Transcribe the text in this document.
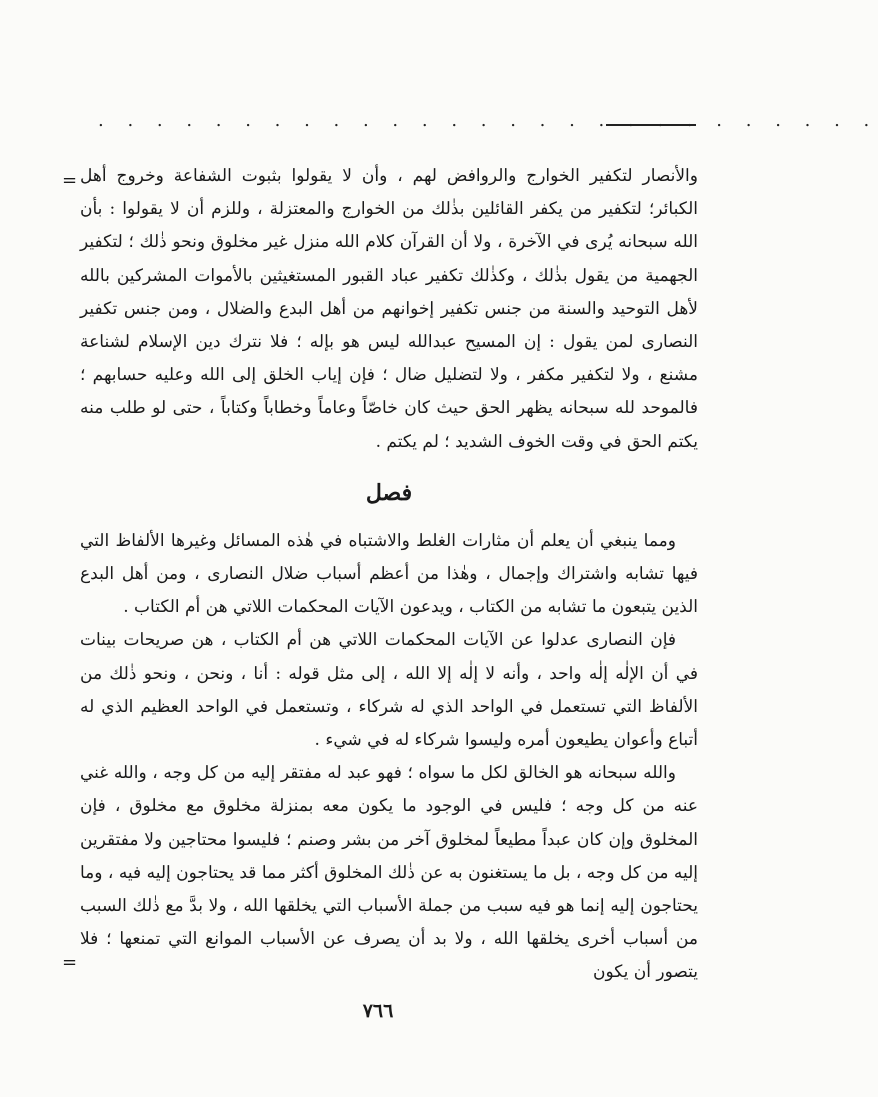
. . . . . . . . . . . . . . . . . . . . . . . . . . .
= والأنصار لتكفير الخوارج والروافض لهم ، وأن لا يقولوا بثبوت الشفاعة وخروج أهل الكبائر؛ لتكفير من يكفر القائلين بذٰلك من الخوارج والمعتزلة ، وللزم أن لا يقولوا : بأن الله سبحانه يُرى في الآخرة ، ولا أن القرآن كلام الله منزل غير مخلوق ونحو ذٰلك ؛ لتكفير الجهمية من يقول بذٰلك ، وكذٰلك تكفير عباد القبور المستغيثين بالأموات المشركين بالله لأهل التوحيد والسنة من جنس تكفير إخوانهم من أهل البدع والضلال ، ومن جنس تكفير النصارى لمن يقول : إن المسيح عبدالله ليس هو بإله ؛ فلا نترك دين الإسلام لشناعة مشنع ، ولا لتكفير مكفر ، ولا لتضليل ضال ؛ فإن إياب الخلق إلى الله وعليه حسابهم ؛ فالموحد لله سبحانه يظهر الحق حيث كان خاصّاً وعاماً وخطاباً وكتاباً ، حتى لو طلب منه يكتم الحق في وقت الخوف الشديد ؛ لم يكتم .

فصل

ومما ينبغي أن يعلم أن مثارات الغلط والاشتباه في هٰذه المسائل وغيرها الألفاظ التي فيها تشابه واشتراك وإجمال ، وهٰذا من أعظم أسباب ضلال النصارى ، ومن أهل البدع الذين يتبعون ما تشابه من الكتاب ، ويدعون الآيات المحكمات اللاتي هن أم الكتاب .

فإن النصارى عدلوا عن الآيات المحكمات اللاتي هن أم الكتاب ، هن صريحات بينات في أن الإلٰه إلٰه واحد ، وأنه لا إلٰه إلا الله ، إلى مثل قوله : أنا ، ونحن ، ونحو ذٰلك من الألفاظ التي تستعمل في الواحد الذي له شركاء ، وتستعمل في الواحد العظيم الذي له أتباع وأعوان يطيعون أمره وليسوا شركاء له في شيء .

والله سبحانه هو الخالق لكل ما سواه ؛ فهو عبد له مفتقر إليه من كل وجه ، والله غني عنه من كل وجه ؛ فليس في الوجود ما يكون معه بمنزلة مخلوق مع مخلوق ، فإن المخلوق وإن كان عبداً مطيعاً لمخلوق آخر من بشر وصنم ؛ فليسوا محتاجين ولا مفتقرين إليه من كل وجه ، بل ما يستغنون به عن ذٰلك المخلوق أكثر مما قد يحتاجون إليه فيه ، وما يحتاجون إليه إنما هو فيه سبب من جملة الأسباب التي يخلقها الله ، ولا بدَّ مع ذٰلك السبب من أسباب أخرى يخلقها الله ، ولا بد أن يصرف عن الأسباب الموانع التي تمنعها ؛ فلا يتصور أن يكون

=
٧٦٦
